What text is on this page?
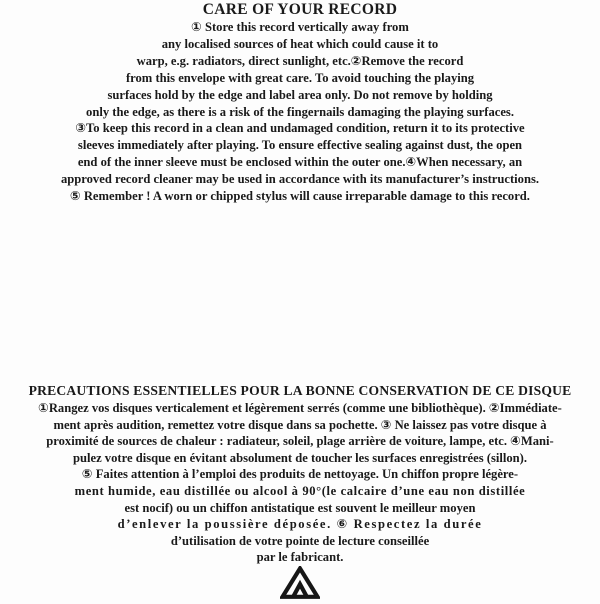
CARE OF YOUR RECORD
① Store this record vertically away from
any localised sources of heat which could cause it to
warp, e.g. radiators, direct sunlight, etc.②Remove the record
from this envelope with great care. To avoid touching the playing
surfaces hold by the edge and label area only. Do not remove by holding
only the edge, as there is a risk of the fingernails damaging the playing surfaces.
③To keep this record in a clean and undamaged condition, return it to its protective
sleeves immediately after playing. To ensure effective sealing against dust, the open
end of the inner sleeve must be enclosed within the outer one.④When necessary, an
approved record cleaner may be used in accordance with its manufacturer’s instructions.
⑤ Remember ! A worn or chipped stylus will cause irreparable damage to this record.
PRECAUTIONS ESSENTIELLES POUR LA BONNE CONSERVATION DE CE DISQUE
①Rangez vos disques verticalement et légèrement serrés (comme une bibliothèque). ②Immédiate-
ment après audition, remettez votre disque dans sa pochette. ③ Ne laissez pas votre disque à
proximité de sources de chaleur : radiateur, soleil, plage arrière de voiture, lampe, etc. ④Mani-
pulez votre disque en évitant absolument de toucher les surfaces enregistrées (sillon).
⑤ Faites attention à l’emploi des produits de nettoyage. Un chiffon propre légère-
ment humide, eau distillée ou alcool à 90°(le calcaire d’une eau non distillée
est nocif) ou un chiffon antistatique est souvent le meilleur moyen
d’enlever la poussière déposée. ⑥ Respectez la durée
d’utilisation de votre pointe de lecture conseillée
par le fabricant.
